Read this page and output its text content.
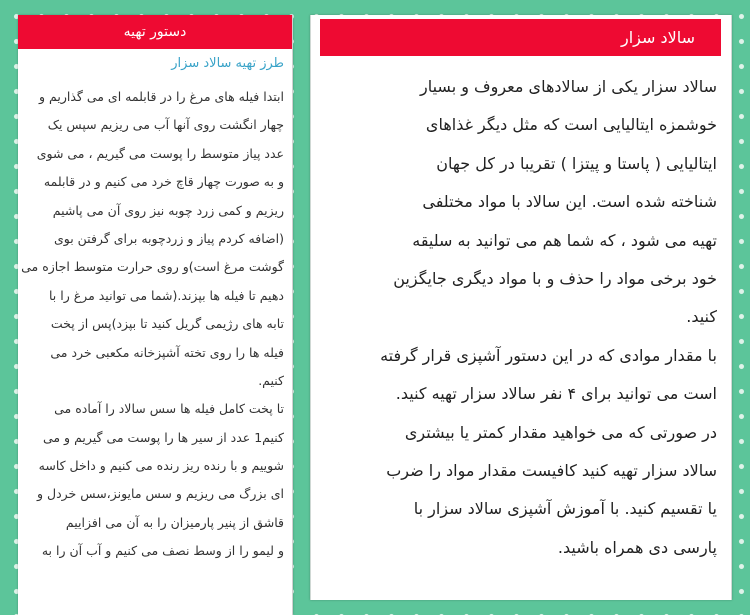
دستور تهیه
طرز تهیه سالاد سزار
ابتدا فیله های مرغ را در قابلمه ای می گذاریم و
چهار انگشت روی آنها آب می ریزیم سپس یک
عدد پیاز متوسط را پوست می گیریم ، می شوی
و به صورت چهار قاچ خرد می کنیم و در قابلمه
ریزیم و کمی زرد چوبه نیز روی آن می پاشیم
(اضافه کردم پیاز و زردچوبه برای گرفتن بوی
گوشت مرغ است)و روی حرارت متوسط اجازه می
دهیم تا فیله ها بپزند.(شما می توانید مرغ را با
تابه های رژیمی گریل کنید تا بپزد)پس از پخت
فیله ها را روی تخته آشپزخانه مکعبی خرد می
کنیم.
تا پخت کامل فیله ها سس سالاد را آماده می
کنیم1 عدد از سیر ها را پوست می گیریم و می
شوییم و با رنده ریز رنده می کنیم و داخل کاسه
ای بزرگ می ریزیم و سس مایونز،سس خردل و
قاشق از پنیر پارمیزان را به آن می افزاییم
و لیمو را از وسط نصف می کنیم و آب آن را به
سالاد سزار
سالاد سزار یکی از سالادهای معروف و بسیار
خوشمزه ایتالیایی است که مثل دیگر غذاهای
ایتالیایی ( پاستا و پیتزا ) تقریبا در کل جهان
شناخته شده است. این سالاد با مواد مختلفی
تهیه می شود ، که شما هم می توانید به سلیقه
خود برخی مواد را حذف و با مواد دیگری جایگزین
کنید.
با مقدار موادی که در این دستور آشپزی قرار گرفته
است می توانید برای ۴ نفر سالاد سزار تهیه کنید.
در صورتی که می خواهید مقدار کمتر یا بیشتری
سالاد سزار تهیه کنید کافیست مقدار مواد را ضرب
یا تقسیم کنید. با آموزش آشپزی سالاد سزار با
پارسی دی همراه باشید.
